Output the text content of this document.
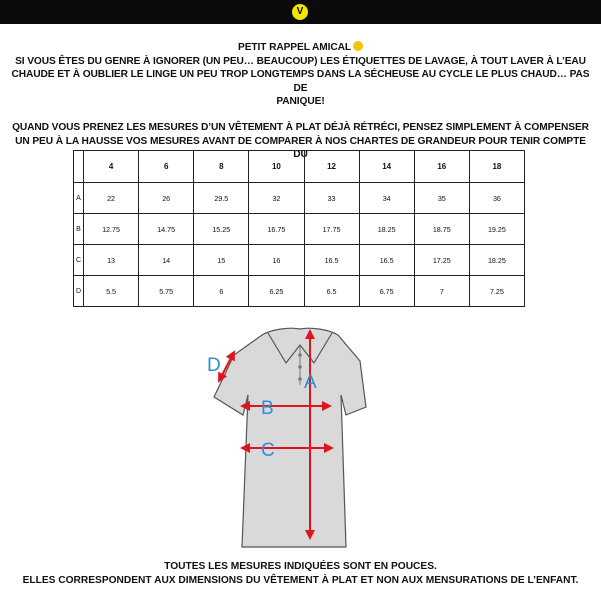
V
PETIT RAPPEL AMICAL
SI VOUS ÊTES DU GENRE À IGNORER (UN PEU… BEAUCOUP) LES ÉTIQUETTES DE LAVAGE, À TOUT LAVER À L’EAU
CHAUDE ET À OUBLIER LE LINGE UN PEU TROP LONGTEMPS DANS LA SÉCHEUSE AU CYCLE LE PLUS CHAUD… PAS DE
PANIQUE!
QUAND VOUS PRENEZ LES MESURES D’UN VÊTEMENT À PLAT DÉJÀ RÉTRÉCI, PENSEZ SIMPLEMENT À COMPENSER
UN PEU À LA HAUSSE VOS MESURES AVANT DE COMPARER À NOS CHARTES DE GRANDEUR POUR TENIR COMPTE DU
	4	6	8	10	12	14	16	18
A	22	26	29.5	32	33	34	35	36
B	12.75	14.75	15.25	16.75	17.75	18.25	18.75	19.25
C	13	14	15	16	16.5	16.5	17.25	18.25
D	5.5	5.75	6	6.25	6.5	6.75	7	7.25
A
B
C
D
TOUTES LES MESURES INDIQUÉES SONT EN POUCES.
ELLES CORRESPONDENT AUX DIMENSIONS DU VÊTEMENT À PLAT ET NON AUX MENSURATIONS DE L’ENFANT.
